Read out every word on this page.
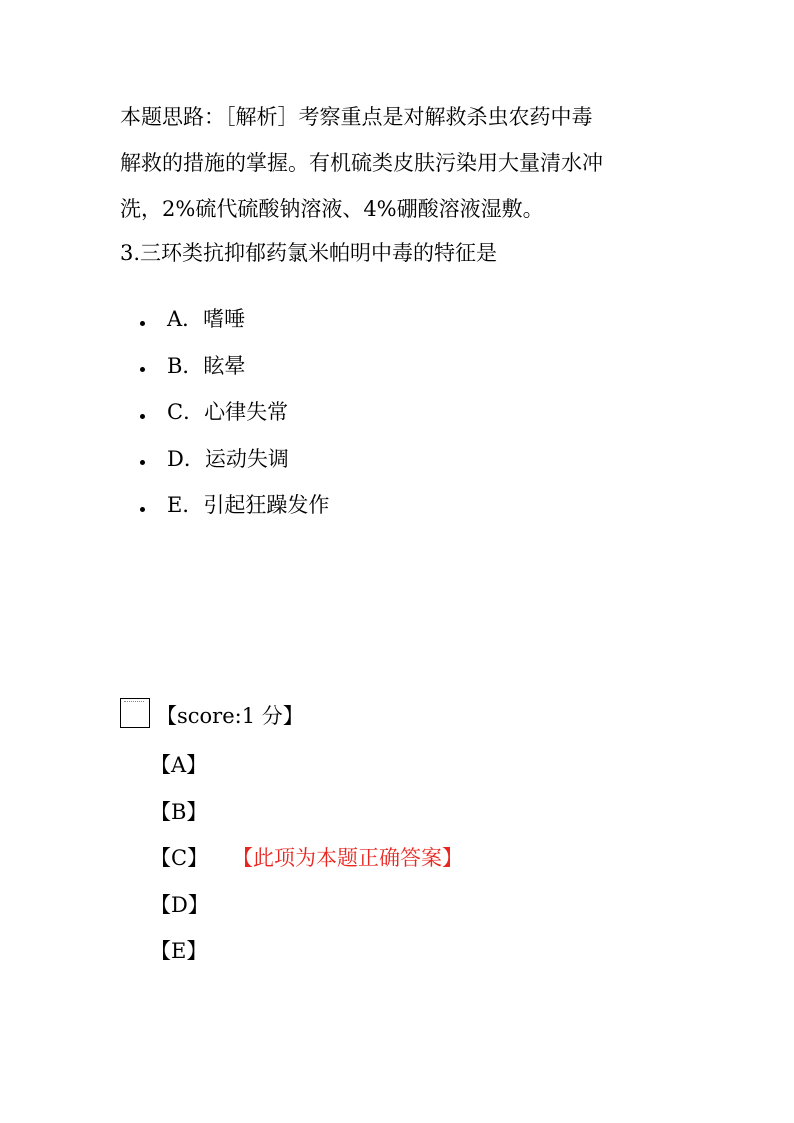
本题思路：［解析］考察重点是对解救杀虫农药中毒
解救的措施的掌握。有机硫类皮肤污染用大量清水冲
洗，2%硫代硫酸钠溶液、4%硼酸溶液湿敷。
3.三环类抗抑郁药氯米帕明中毒的特征是
A．嗜唾
B．眩晕
C．心律失常
D．运动失调
E．引起狂躁发作
【score:1 分】
【A】
【B】
【C】	【此项为本题正确答案】
【D】
【E】
